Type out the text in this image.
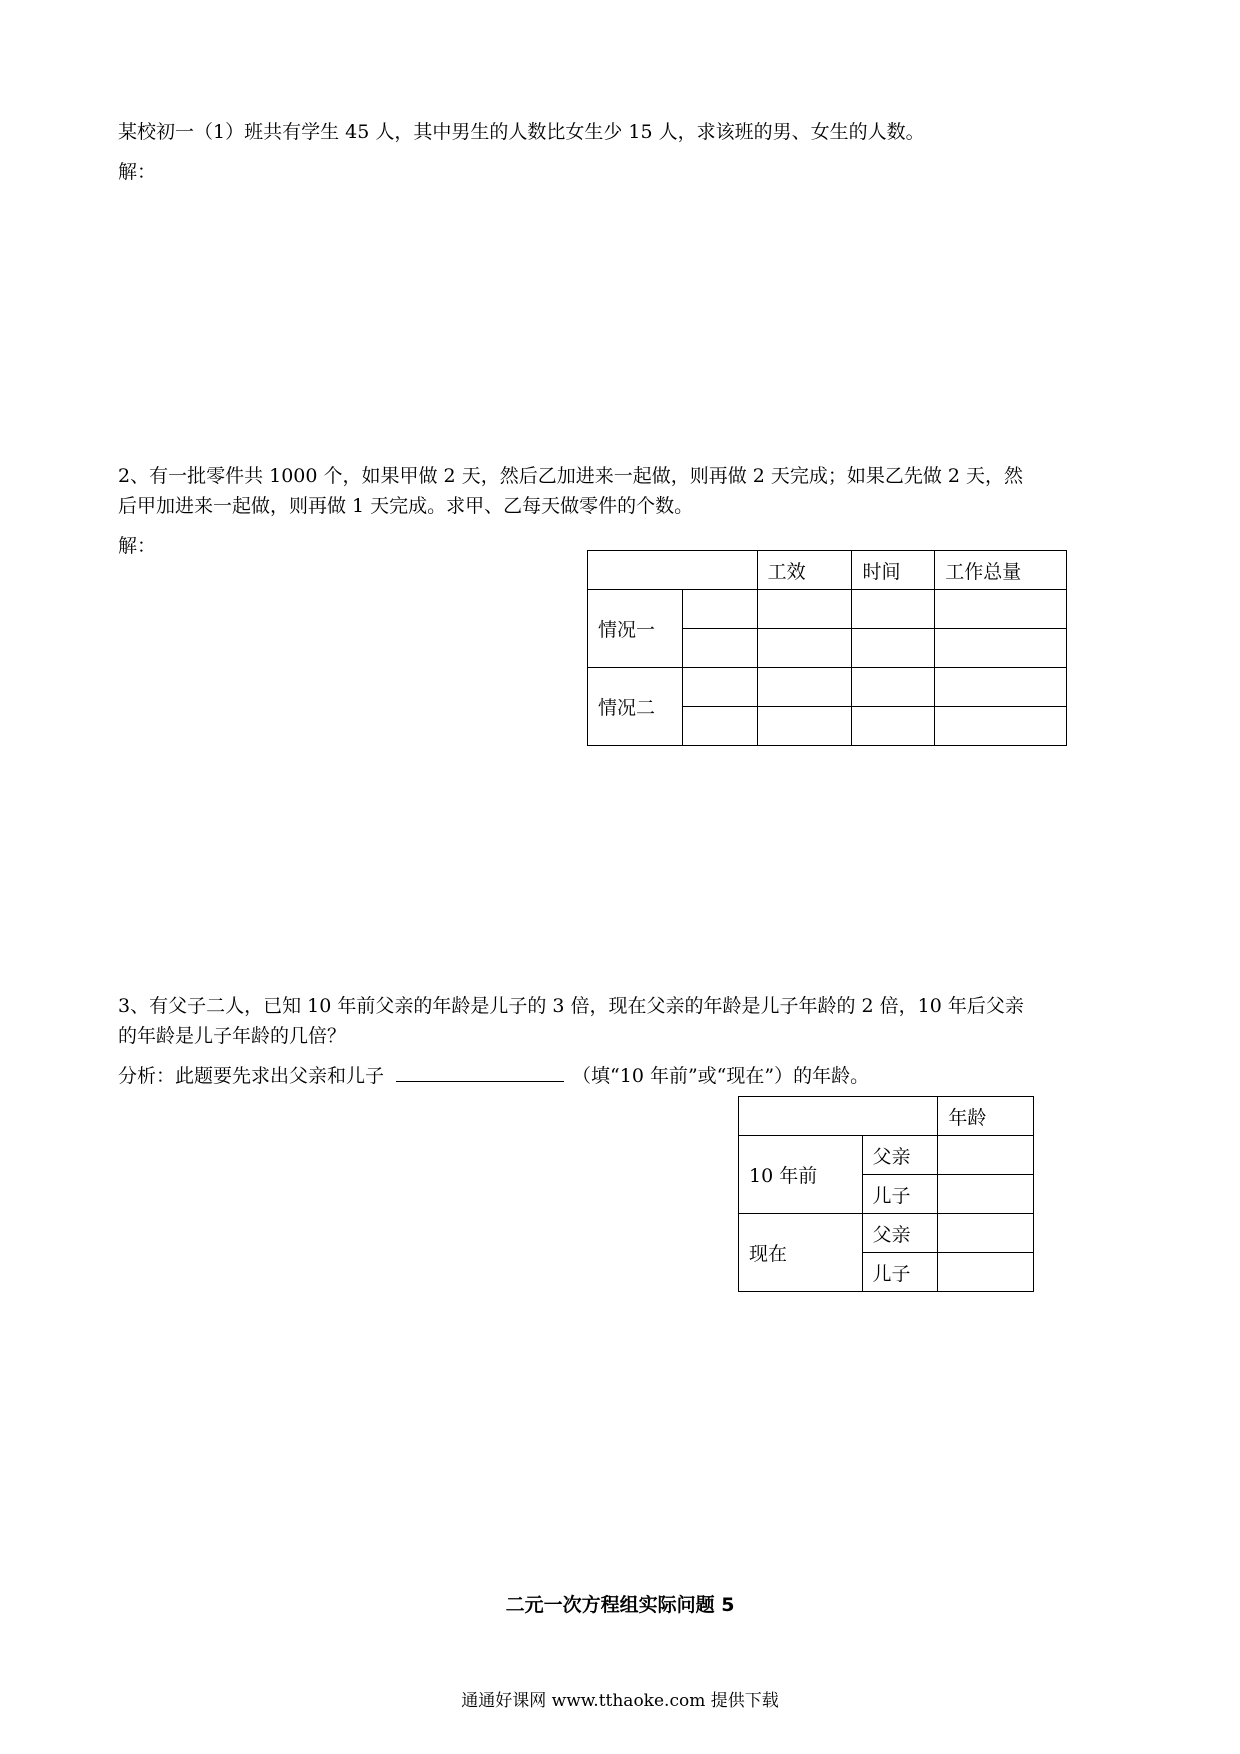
某校初一（1）班共有学生 45 人，其中男生的人数比女生少 15 人，求该班的男、女生的人数。
解：
2、有一批零件共 1000 个，如果甲做 2 天，然后乙加进来一起做，则再做 2 天完成；如果乙先做 2 天，然
后甲加进来一起做，则再做 1 天完成。求甲、乙每天做零件的个数。
解：
		工效	时间	工作总量
情况一				

情况二				

3、有父子二人，已知 10 年前父亲的年龄是儿子的 3 倍，现在父亲的年龄是儿子年龄的 2 倍，10 年后父亲
的年龄是儿子年龄的几倍？
分析：此题要先求出父亲和儿子	（填“10 年前”或“现在”）的年龄。
		年龄
10 年前	父亲	
	儿子	
现在	父亲	
	儿子	
二元一次方程组实际问题 5
通通好课网 www.tthaoke.com 提供下载
